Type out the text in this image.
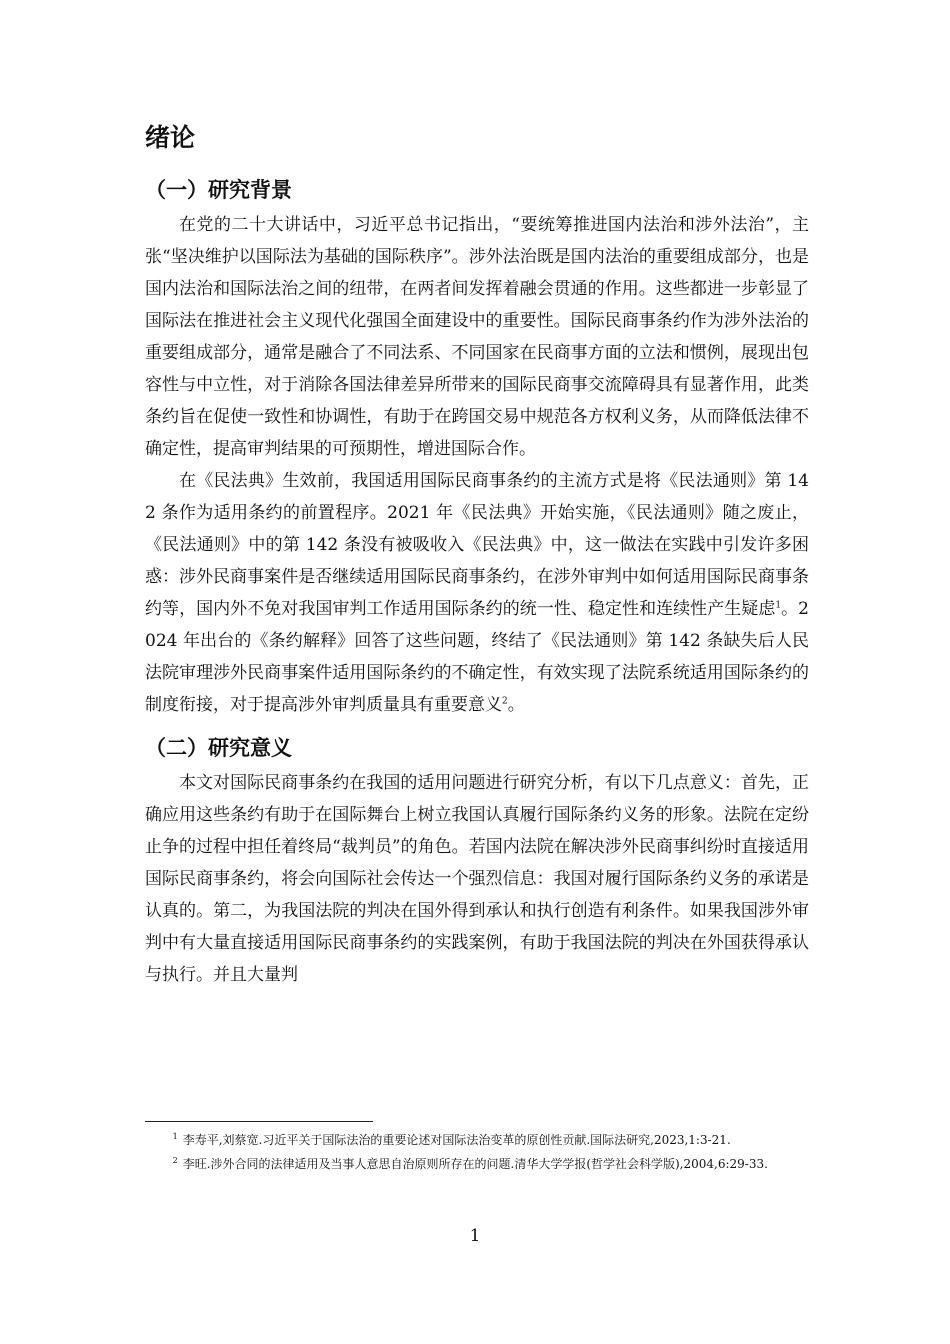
绪论
（一）研究背景

在党的二十大讲话中，习近平总书记指出，“要统筹推进国内法治和涉外法治”，主张“坚决维护以国际法为基础的国际秩序”。涉外法治既是国内法治的重要组成部分，也是国内法治和国际法治之间的纽带，在两者间发挥着融会贯通的作用。这些都进一步彰显了国际法在推进社会主义现代化强国全面建设中的重要性。国际民商事条约作为涉外法治的重要组成部分，通常是融合了不同法系、不同国家在民商事方面的立法和惯例，展现出包容性与中立性，对于消除各国法律差异所带来的国际民商事交流障碍具有显著作用，此类条约旨在促使一致性和协调性，有助于在跨国交易中规范各方权利义务，从而降低法律不确定性，提高审判结果的可预期性，增进国际合作。

在《民法典》生效前，我国适用国际民商事条约的主流方式是将《民法通则》第 142 条作为适用条约的前置程序。2021 年《民法典》开始实施，《民法通则》随之废止，《民法通则》中的第 142 条没有被吸收入《民法典》中，这一做法在实践中引发许多困惑：涉外民商事案件是否继续适用国际民商事条约，在涉外审判中如何适用国际民商事条约等，国内外不免对我国审判工作适用国际条约的统一性、稳定性和连续性产生疑虑$^1$。2024 年出台的《条约解释》回答了这些问题，终结了《民法通则》第 142 条缺失后人民法院审理涉外民商事案件适用国际条约的不确定性，有效实现了法院系统适用国际条约的制度衔接，对于提高涉外审判质量具有重要意义$^2$。

（二）研究意义

本文对国际民商事条约在我国的适用问题进行研究分析，有以下几点意义：首先，正确应用这些条约有助于在国际舞台上树立我国认真履行国际条约义务的形象。法院在定纷止争的过程中担任着终局“裁判员”的角色。若国内法院在解决涉外民商事纠纷时直接适用国际民商事条约，将会向国际社会传达一个强烈信息：我国对履行国际条约义务的承诺是认真的。第二，为我国法院的判决在国外得到承认和执行创造有利条件。如果我国涉外审判中有大量直接适用国际民商事条约的实践案例，有助于我国法院的判决在外国获得承认与执行。并且大量判

$^1$ 李寿平,刘蔡宽.习近平关于国际法治的重要论述对国际法治变革的原创性贡献.国际法研究,2023,1:3-21.

$^2$ 李旺.涉外合同的法律适用及当事人意思自治原则所存在的问题.清华大学学报(哲学社会科学版),2004,6:29-33.

1
